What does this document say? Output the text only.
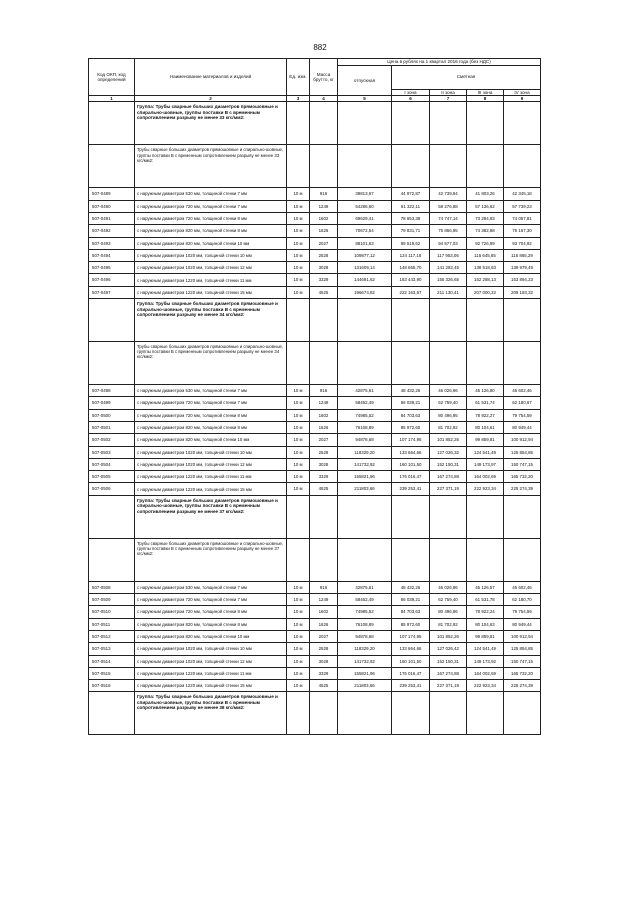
882
Код ОКП, код определений	Наименование материалов и изделий	Ед. изм.	Масса брутто, кг	Цена в рублях на 1 квартал 2016 года (без НДС)				
				отпускная	Сметная			
					I зона	II зона	III зона	IV зона
1	2	3	4	5	6	7	8	9
	Группа: Трубы сварные больших диаметров прямошовные и спирально-шовные, группы поставки В с временным сопротивлением разрыву не менее 33 кгс/мм2:							
	Трубы сварные больших диаметров прямошовные и спирально-шовные, группы поставки В с временным сопротивлением разрыву не менее 33 кгс/мм2:							
507-0489	с наружным диаметром 530 мм, толщиной стенки 7 мм	10 м	916	39813,67	44 972,87	42 739,94	41 803,26	42 345,18
507-0490	с наружным диаметром 720 мм, толщиной стенки 7 мм	10 м	1249	54286,60	61 322,11	58 276,88	57 136,62	57 739,23
507-0491	с наружным диаметром 720 мм, толщиной стенки 8 мм	10 м	1602	69629,41	78 653,38	74 747,14	73 284,93	74 057,81
507-0492	с наружным диаметром 820 мм, толщиной стенки 8 мм	10 м	1626	70672,54	79 831,71	75 866,95	74 382,88	75 167,30
507-0493	с наружным диаметром 820 мм, толщиной стенки 10 мм	10 м	2027	88101,63	99 519,62	94 577,03	92 726,99	93 704,92
507-0494	с наружным диаметром 1020 мм, толщиной стенки 10 мм	10 м	2528	109877,12	124 117,18	117 953,06	115 645,85	116 865,29
507-0495	с наружным диаметром 1020 мм, толщиной стенки 12 мм	10 м	3028	131609,14	148 665,70	141 282,45	138 518,63	139 979,49
507-0496	с наружным диаметром 1220 мм, толщиной стенки 11 мм	10 м	3329	144691,62	163 443,90	155 326,65	152 288,13	153 894,23
507-0497	с наружным диаметром 1220 мм, толщиной стенки 15 мм	10 м	4525	196674,82	222 163,67	211 130,41	207 000,22	209 183,32
	Группа: Трубы сварные больших диаметров прямошовные и спирально-шовные, группы поставки В с временным сопротивлением разрыву не менее 34 кгс/мм2:							
	Трубы сварные больших диаметров прямошовные и спирально-шовные, группы поставки В с временным сопротивлением разрыву не менее 34 кгс/мм2:							
507-0498	с наружным диаметром 530 мм, толщиной стенки 7 мм	10 м	916	42875,61	48 432,26	46 026,96	45 126,80	45 602,46
507-0499	с наружным диаметром 720 мм, толщиной стенки 7 мм	10 м	1249	58462,49	66 039,21	62 759,40	61 531,74	62 180,67
507-0500	с наружным диаметром 720 мм, толщиной стенки 8 мм	10 м	1602	74985,52	84 703,63	80 496,95	78 922,27	79 754,59
507-0501	с наружным диаметром 820 мм, толщиной стенки 8 мм	10 м	1626	76108,89	85 972,60	81 702,92	80 104,61	80 949,44
507-0502	с наружным диаметром 820 мм, толщиной стенки 10 мм	10 м	2027	94878,68	107 174,95	101 852,26	99 859,81	100 912,94
507-0503	с наружным диаметром 1020 мм, толщиной стенки 10 мм	10 м	2528	118329,20	133 664,66	127 026,32	124 541,49	125 854,85
507-0504	с наружным диаметром 1020 мм, толщиной стенки 12 мм	10 м	3028	141732,92	160 101,50	152 150,31	149 173,97	150 747,15
507-0505	с наружным диаметром 1220 мм, толщиной стенки 11 мм	10 м	3329	155821,96	176 016,47	167 274,88	164 002,69	165 732,20
507-0506	с наружным диаметром 1220 мм, толщиной стенки 15 мм	10 м	4525	211803,66	239 253,41	227 371,19	222 923,34	225 274,39
	Группа: Трубы сварные больших диаметров прямошовные и спирально-шовные, группы поставки В с временным сопротивлением разрыву не менее 37 кгс/мм2:							
	Трубы сварные больших диаметров прямошовные и спирально-шовные, группы поставки В с временным сопротивлением разрыву не менее 37 кгс/мм2:							
507-0508	с наружным диаметром 530 мм, толщиной стенки 7 мм	10 м	916	42875,61	48 432,26	46 026,96	45 126,57	45 602,46
507-0509	с наружным диаметром 720 мм, толщиной стенки 7 мм	10 м	1249	58462,49	66 039,21	62 759,40	61 531,78	62 180,70
507-0510	с наружным диаметром 720 мм, толщиной стенки 8 мм	10 м	1602	74985,52	84 703,63	80 496,96	78 922,24	79 754,59
507-0511	с наружным диаметром 820 мм, толщиной стенки 8 мм	10 м	1626	76108,89	85 972,60	81 702,92	80 104,63	80 949,44
507-0512	с наружным диаметром 820 мм, толщиной стенки 10 мм	10 м	2027	94878,68	107 174,95	101 852,26	99 859,81	100 912,94
507-0513	с наружным диаметром 1020 мм, толщиной стенки 10 мм	10 м	2528	118329,20	133 664,66	127 026,42	124 541,49	125 854,85
507-0514	с наружным диаметром 1020 мм, толщиной стенки 12 мм	10 м	3028	141732,92	160 101,50	152 150,31	149 173,92	150 747,15
507-0515	с наружным диаметром 1220 мм, толщиной стенки 11 мм	10 м	3329	155821,96	176 016,47	167 274,88	164 002,69	165 732,20
507-0516	с наружным диаметром 1220 мм, толщиной стенки 15 мм	10 м	4525	211803,66	239 253,41	227 371,19	222 923,34	225 274,39
	Группа: Трубы сварные больших диаметров прямошовные и спирально-шовные, группы поставки В с временным сопротивлением разрыву не менее 38 кгс/мм2:							
